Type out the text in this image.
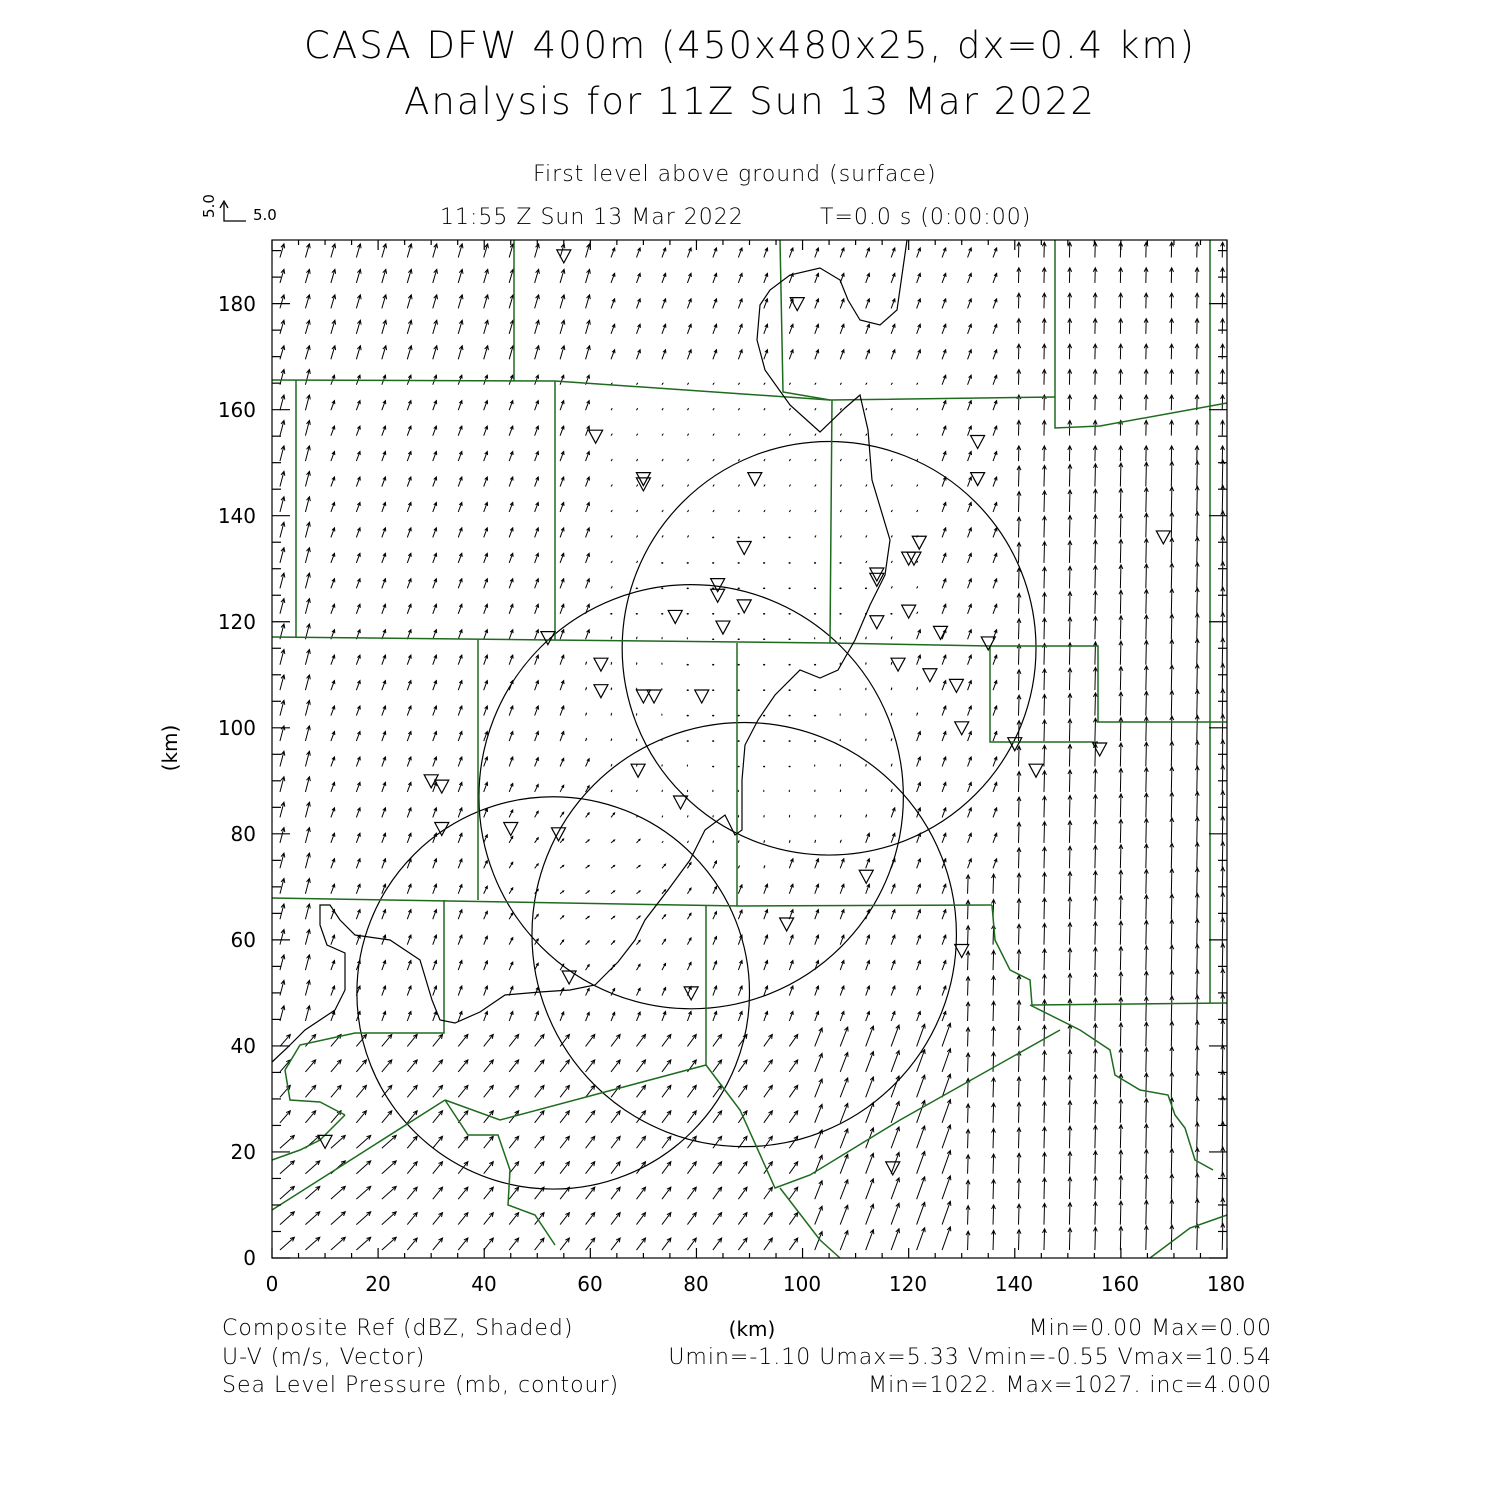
CASA DFW 400m (450x480x25, dx=0.4 km)
Analysis for 11Z Sun 13 Mar 2022
First level above ground (surface)
11:55 Z Sun 13 Mar 2022	T=0.0 s (0:00:00)
0	20	40	60	80	100	120	140	160	180
0
20
40
60
80
100
120
140
160
180
(km)
(km)
5.0 5.0
Composite Ref (dBZ, Shaded)
U-V (m/s, Vector)
Sea Level Pressure (mb, contour)
Min=0.00 Max=0.00
Umin=-1.10 Umax=5.33 Vmin=-0.55 Vmax=10.54
Min=1022. Max=1027. inc=4.000
